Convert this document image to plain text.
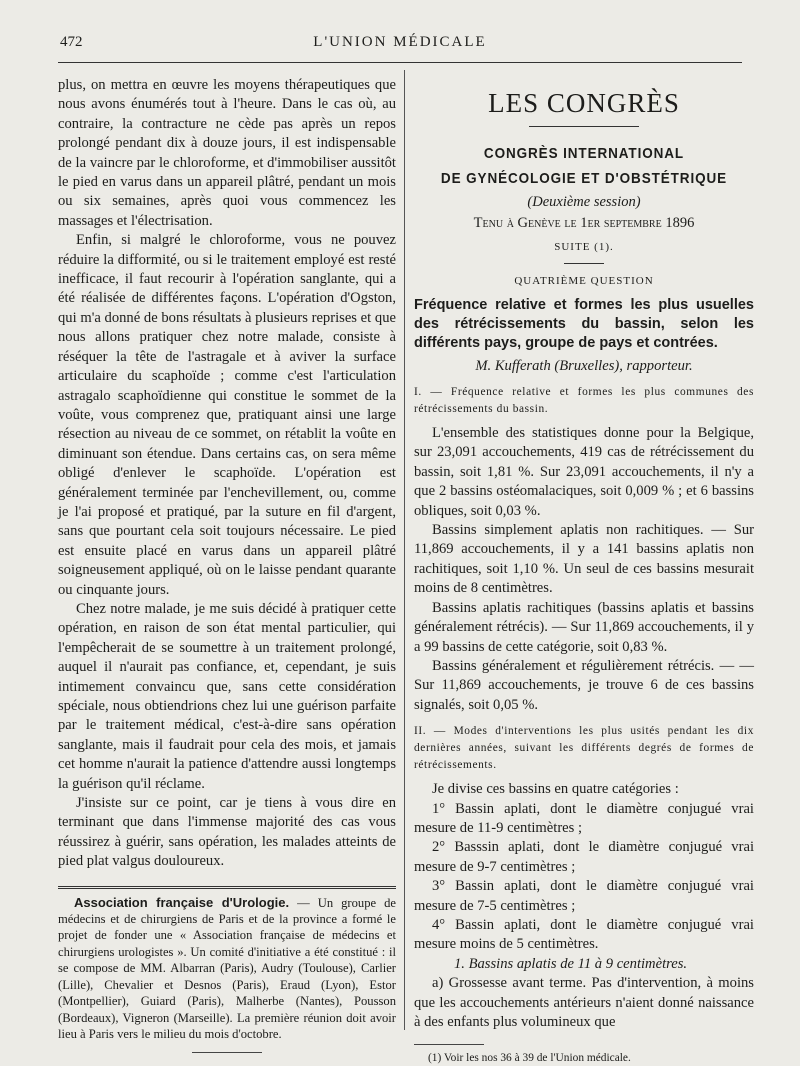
472	L'UNION MÉDICALE

plus, on mettra en œuvre les moyens thérapeutiques que nous avons énumérés tout à l'heure. Dans le cas où, au contraire, la contracture ne cède pas après un repos prolongé pendant dix à douze jours, il est indispensable de la vaincre par le chloroforme, et d'immobiliser aussitôt le pied en varus dans un appareil plâtré, pendant un mois ou six semaines, après quoi vous commencez les massages et l'électrisation.

Enfin, si malgré le chloroforme, vous ne pouvez réduire la difformité, ou si le traitement employé est resté inefficace, il faut recourir à l'opération sanglante, qui a été réalisée de différentes façons. L'opération d'Ogston, qui m'a donné de bons résultats à plusieurs reprises et que nous allons pratiquer chez notre malade, consiste à réséquer la tête de l'astragale et à aviver la surface articulaire du scaphoïde ; comme c'est l'articulation astragalo scaphoïdienne qui constitue le sommet de la voûte, vous comprenez que, pratiquant ainsi une large résection au niveau de ce sommet, on rétablit la voûte en diminuant son étendue. Dans certains cas, on sera même obligé d'enlever le scaphoïde. L'opération est généralement terminée par l'enchevillement, ou, comme je l'ai proposé et pratiqué, par la suture en fil d'argent, sans que pourtant cela soit toujours nécessaire. Le pied est ensuite placé en varus dans un appareil plâtré soigneusement appliqué, où on le laisse pendant quarante ou cinquante jours.

Chez notre malade, je me suis décidé à pratiquer cette opération, en raison de son état mental particulier, qui l'empêcherait de se soumettre à un traitement prolongé, auquel il n'aurait pas confiance, et, cependant, je suis intimement convaincu que, sans cette considération spéciale, nous obtiendrions chez lui une guérison parfaite par le traitement médical, c'est-à-dire sans opération sanglante, mais il faudrait pour cela des mois, et jamais cet homme n'aurait la patience d'attendre aussi longtemps la guérison qu'il réclame.

J'insiste sur ce point, car je tiens à vous dire en terminant que dans l'immense majorité des cas vous réussirez à guérir, sans opération, les malades atteints de pied plat valgus douloureux.

Association française d'Urologie. — Un groupe de médecins et de chirurgiens de Paris et de la province a formé le projet de fonder une « Association française de médecins et chirurgiens urologistes ». Un comité d'initiative a été constitué : il se compose de MM. Albarran (Paris), Audry (Toulouse), Carlier (Lille), Chevalier et Desnos (Paris), Eraud (Lyon), Estor (Montpellier), Guiard (Paris), Malherbe (Nantes), Pousson (Bordeaux), Vigneron (Marseille). La première réunion doit avoir lieu à Paris vers le milieu du mois d'octobre.

LES CONGRÈS
CONGRÈS INTERNATIONAL
DE GYNÉCOLOGIE ET D'OBSTÉTRIQUE
(Deuxième session)
Tenu à Genève le 1er septembre 1896
SUITE (1).
QUATRIÈME QUESTION
Fréquence relative et formes les plus usuelles des rétrécissements du bassin, selon les différents pays, groupe de pays et contrées.
M. Kufferath (Bruxelles), rapporteur.

I. — Fréquence relative et formes les plus communes des rétrécissements du bassin.

L'ensemble des statistiques donne pour la Belgique, sur 23,091 accouchements, 419 cas de rétrécissement du bassin, soit 1,81 %. Sur 23,091 accouchements, il n'y a que 2 bassins ostéomalaciques, soit 0,009 % ; et 6 bassins obliques, soit 0,03 %.

Bassins simplement aplatis non rachitiques. — Sur 11,869 accouchements, il y a 141 bassins aplatis non rachitiques, soit 1,10 %. Un seul de ces bassins mesurait moins de 8 centimètres.

Bassins aplatis rachitiques (bassins aplatis et bassins généralement rétrécis). — Sur 11,869 accouchements, il y a 99 bassins de cette catégorie, soit 0,83 %.

Bassins généralement et régulièrement rétrécis. — — Sur 11,869 accouchements, je trouve 6 de ces bassins signalés, soit 0,05 %.

II. — Modes d'interventions les plus usités pendant les dix dernières années, suivant les différents degrés de formes de rétrécissements.

Je divise ces bassins en quatre catégories :

1° Bassin aplati, dont le diamètre conjugué vrai mesure de 11-9 centimètres ;

2° Basssin aplati, dont le diamètre conjugué vrai mesure de 9-7 centimètres ;

3° Bassin aplati, dont le diamètre conjugué vrai mesure de 7-5 centimètres ;

4° Bassin aplati, dont le diamètre conjugué vrai mesure moins de 5 centimètres.

1. Bassins aplatis de 11 à 9 centimètres.

a) Grossesse avant terme. Pas d'intervention, à moins que les accouchements antérieurs n'aient donné naissance à des enfants plus volumineux que

(1) Voir les nos 36 à 39 de l'Union médicale.
